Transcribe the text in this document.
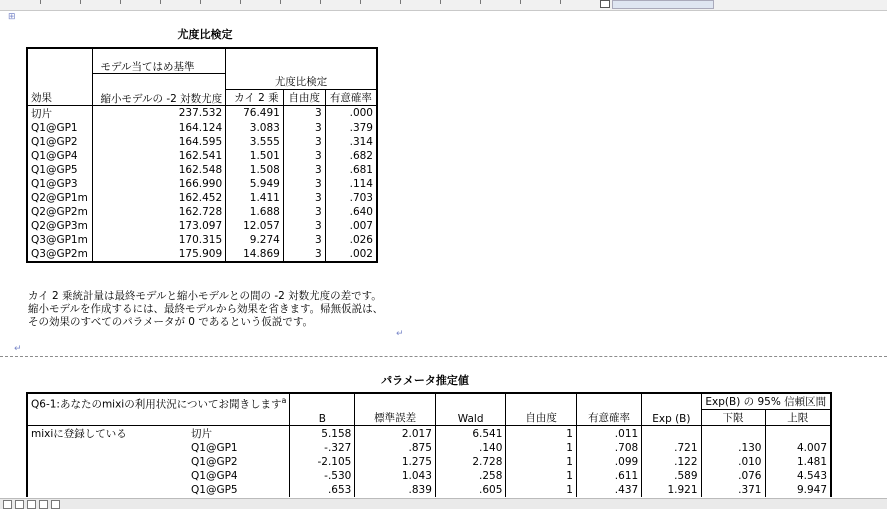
⊞
尤度比検定
効果	モデル当てはめ基準			
	縮小モデルの -2 対数尤度	尤度比検定		
		カイ 2 乗	自由度	有意確率
切片	237.532	76.491	3	.000
Q1@GP1	164.124	3.083	3	.379
Q1@GP2	164.595	3.555	3	.314
Q1@GP4	162.541	1.501	3	.682
Q1@GP5	162.548	1.508	3	.681
Q1@GP3	166.990	5.949	3	.114
Q2@GP1m	162.452	1.411	3	.703
Q2@GP2m	162.728	1.688	3	.640
Q2@GP3m	173.097	12.057	3	.007
Q3@GP1m	170.315	9.274	3	.026
Q3@GP2m	175.909	14.869	3	.002
カイ 2 乗統計量は最終モデルと縮小モデルとの間の -2 対数尤度の差です。縮小モデルを作成するには、最終モデルから効果を省きます。帰無仮説は、その効果のすべてのパラメータが 0 であるという仮説です。
↵
↵
パラメータ推定値
Q6-1:あなたのmixiの利用状況についてお聞きします$^a$		B	標準誤差	Wald	自由度	有意確率	Exp (B)	Exp(B) の 95% 信頼区間	
								下限	上限
mixiに登録している	切片	5.158	2.017	6.541	1	.011			
	Q1@GP1	-.327	.875	.140	1	.708	.721	.130	4.007
	Q1@GP2	-2.105	1.275	2.728	1	.099	.122	.010	1.481
	Q1@GP4	-.530	1.043	.258	1	.611	.589	.076	4.543
	Q1@GP5	.653	.839	.605	1	.437	1.921	.371	9.947
